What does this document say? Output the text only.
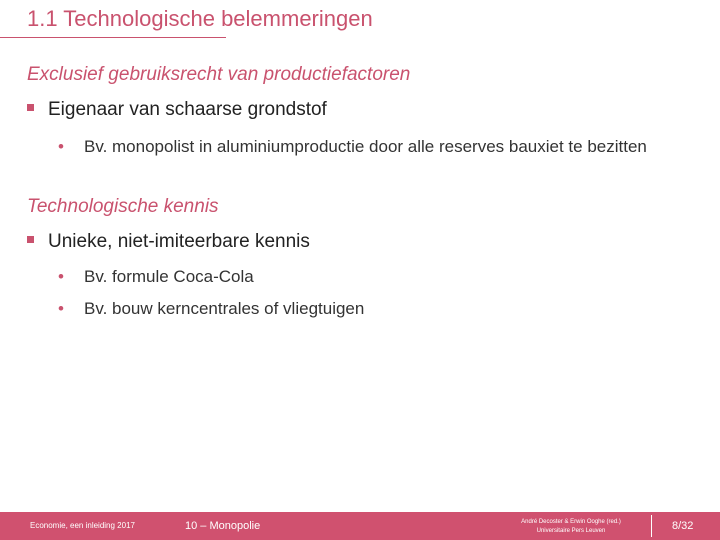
1.1 Technologische belemmeringen
Exclusief gebruiksrecht van productiefactoren
Eigenaar van schaarse grondstof
•	Bv. monopolist in aluminiumproductie door alle reserves bauxiet te bezitten
Technologische kennis
Unieke, niet-imiteerbare kennis
•	Bv. formule Coca-Cola
•	Bv. bouw kerncentrales of vliegtuigen
Economie, een inleiding 2017	10 – Monopolie	André Decoster & Erwin Ooghe (red.)
Universitaire Pers Leuven	8/32
